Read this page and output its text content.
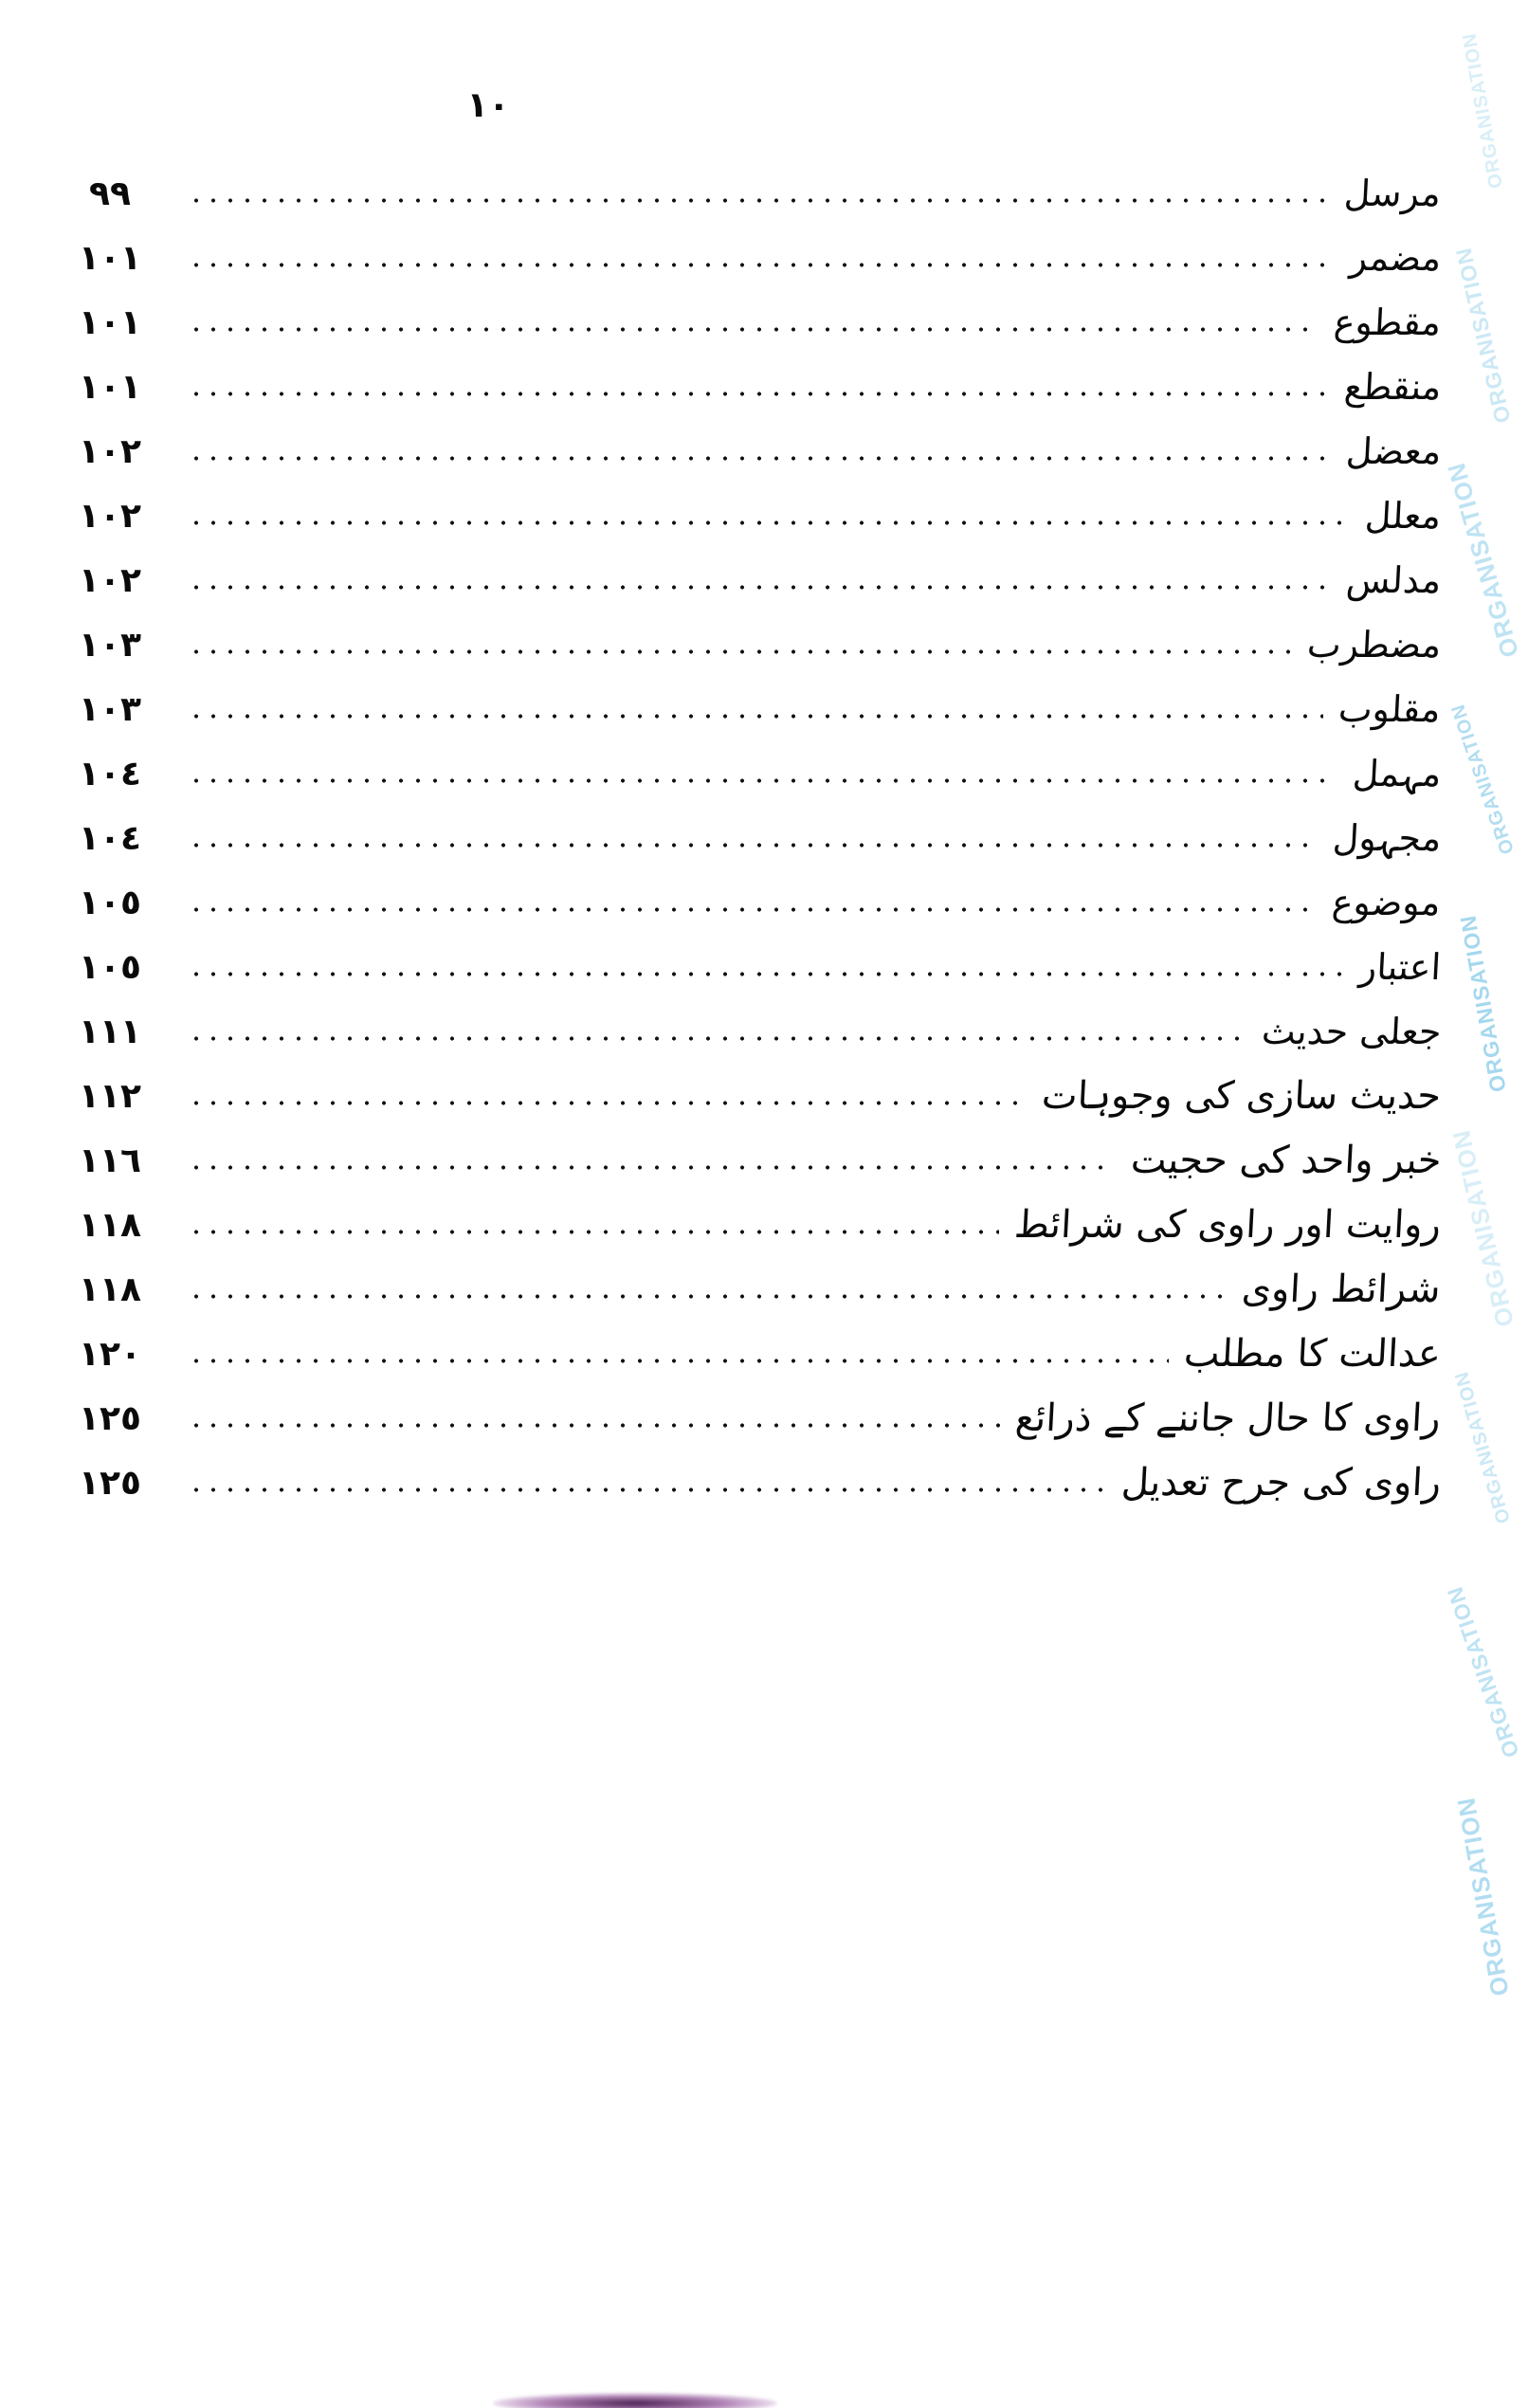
ORGANISATION
ORGANISATION
ORGANISATION
ORGANISATION
ORGANISATION
ORGANISATION
ORGANISATION
ORGANISATION
ORGANISATION
١٠
مرسل
٩٩
مضمر
١٠١
مقطوع
١٠١
منقطع
١٠١
معضل
١٠٢
معلل
١٠٢
مدلس
١٠٢
مضطرب
١٠٣
مقلوب
١٠٣
مہمل
١٠٤
مجہول
١٠٤
موضوع
١٠٥
اعتبار
١٠٥
جعلی حدیث
١١١
حدیث سازی کی وجوہات
١١٢
خبر واحد کی حجیت
١١٦
روایت اور راوی کی شرائط
١١٨
شرائط راوی
١١٨
عدالت کا مطلب
١٢٠
راوی کا حال جاننے کے ذرائع
١٢٥
راوی کی جرح تعدیل
١٢٥
